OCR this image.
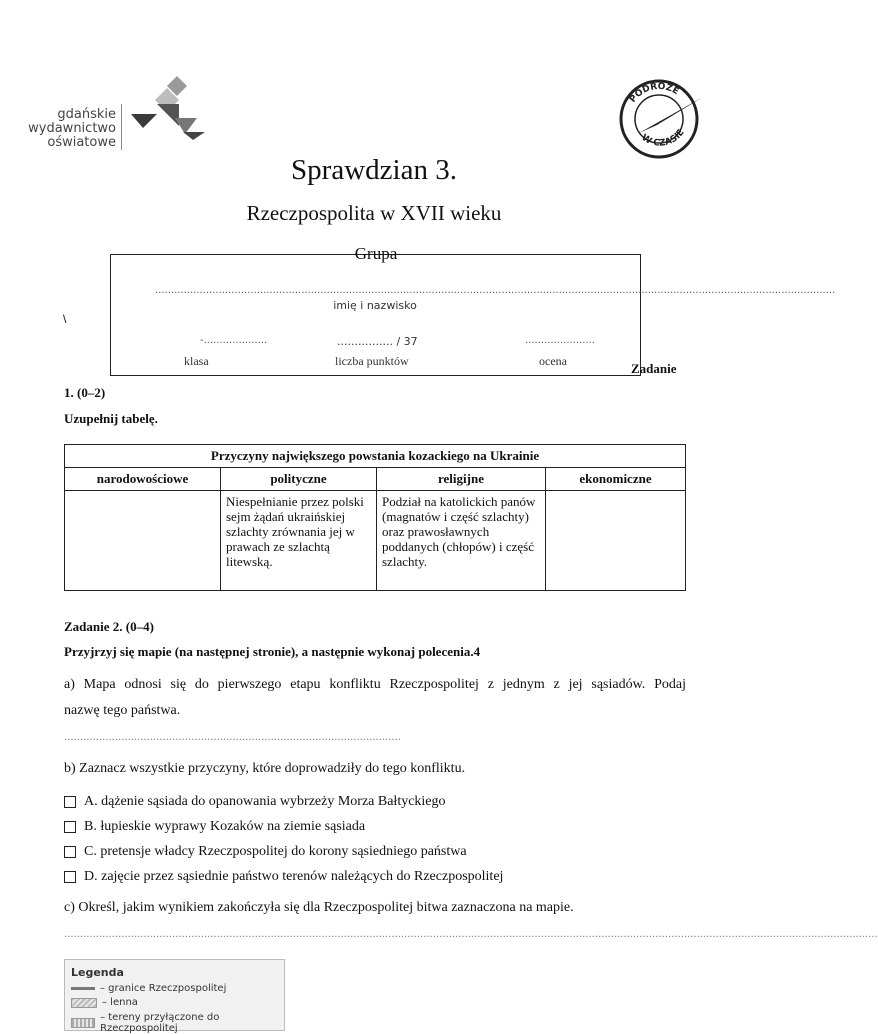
gdańskie
wydawnictwo
oświatowe
PODRÓŻE
W CZASIE
Sprawdzian 3.
Rzeczpospolita w XVII wieku
......................................................................................................................................................................................................................
imię i nazwisko
-....................	................ / 37	......................
klasa	liczba punktów	ocena
Grupa
\
Zadanie
1. (0–2)
Uzupełnij tabelę.
Przyczyny największego powstania kozackiego na Ukrainie			
narodowościowe	polityczne	religijne	ekonomiczne
	Niespełnianie przez polski sejm żądań ukraińskiej szlachty zrównania jej w prawach ze szlachtą litewską.	Podział na katolickich panów (magnatów i część szlachty) oraz prawosławnych poddanych (chłopów) i część szlachty.	
Zadanie 2. (0–4)
Przyjrzyj się mapie (na następnej stronie), a następnie wykonaj polecenia.4
a) Mapa odnosi się do pierwszego etapu konfliktu Rzeczpospolitej z jednym z jej sąsiadów. Podaj
nazwę tego państwa.
..........................................................................................................
b) Zaznacz wszystkie przyczyny, które doprowadziły do tego konfliktu.
A. dążenie sąsiada do opanowania wybrzeży Morza Bałtyckiego
B. łupieskie wyprawy Kozaków na ziemie sąsiada
C. pretensje władcy Rzeczpospolitej do korony sąsiedniego państwa
D. zajęcie przez sąsiednie państwo terenów należących do Rzeczpospolitej
c) Określ, jakim wynikiem zakończyła się dla Rzeczpospolitej bitwa zaznaczona na mapie.
................................................................................................................................................................................................................................................................
Legenda
– granice Rzeczpospolitej
– lenna
– tereny przyłączone do Rzeczpospolitej
